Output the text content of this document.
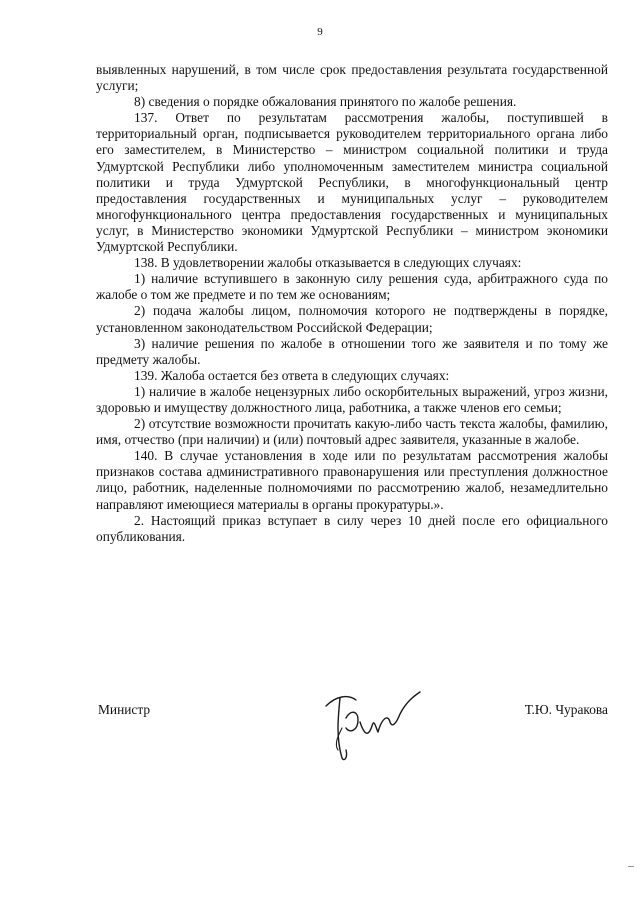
9

выявленных нарушений, в том числе срок предоставления результата государственной услуги;

8) сведения о порядке обжалования принятого по жалобе решения.

137. Ответ по результатам рассмотрения жалобы, поступившей в территориальный орган, подписывается руководителем территориального органа либо его заместителем, в Министерство – министром социальной политики и труда Удмуртской Республики либо уполномоченным заместителем министра социальной политики и труда Удмуртской Республики, в многофункциональный центр предоставления государственных и муниципальных услуг – руководителем многофункционального центра предоставления государственных и муниципальных услуг, в Министерство экономики Удмуртской Республики – министром экономики Удмуртской Республики.

138. В удовлетворении жалобы отказывается в следующих случаях:

1) наличие вступившего в законную силу решения суда, арбитражного суда по жалобе о том же предмете и по тем же основаниям;

2) подача жалобы лицом, полномочия которого не подтверждены в порядке, установленном законодательством Российской Федерации;

3) наличие решения по жалобе в отношении того же заявителя и по тому же предмету жалобы.

139. Жалоба остается без ответа в следующих случаях:

1) наличие в жалобе нецензурных либо оскорбительных выражений, угроз жизни, здоровью и имуществу должностного лица, работника, а также членов его семьи;

2) отсутствие возможности прочитать какую-либо часть текста жалобы, фамилию, имя, отчество (при наличии) и (или) почтовый адрес заявителя, указанные в жалобе.

140. В случае установления в ходе или по результатам рассмотрения жалобы признаков состава административного правонарушения или преступления должностное лицо, работник, наделенные полномочиями по рассмотрению жалоб, незамедлительно направляют имеющиеся материалы в органы прокуратуры.».

2. Настоящий приказ вступает в силу через 10 дней после его официального опубликования.

Министр	Т.Ю. Чуракова
